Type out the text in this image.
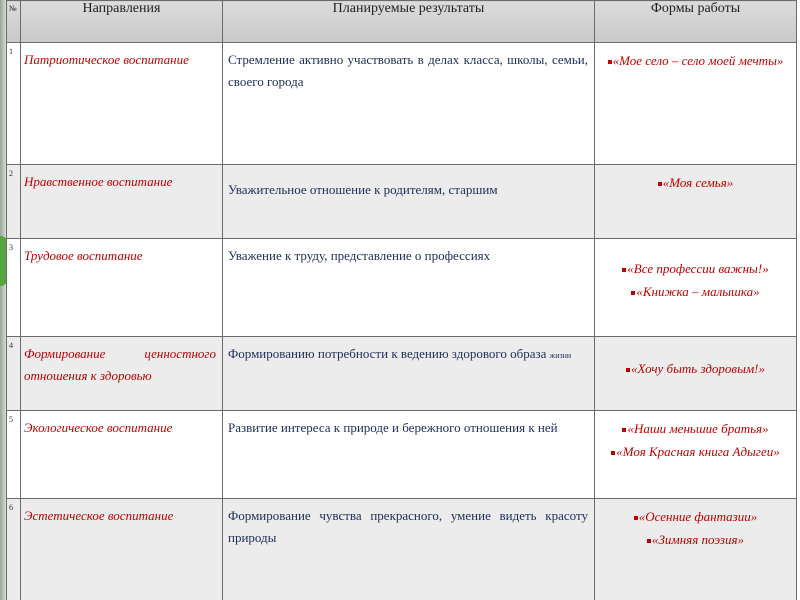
№	Направления	Планируемые результаты	Формы работы
1	Патриотическое воспитание	Стремление активно участвовать в делах класса, школы, семьи, своего города	«Мое село – село моей мечты»

2	Нравственное воспитание	Уважительное отношение к родителям, старшим	«Моя семья»

3	Трудовое воспитание	Уважение к труду, представление о профессиях	«Все профессии важны!»
«Книжка – малышка»

4	Формирование ценностного отношения к здоровью	Формированию потребности к ведению здорового образа жизни	«Хочу быть здоровым!»

5	Экологическое воспитание	Развитие интереса к природе и бережного отношения к ней	«Наши меньшие братья»
«Моя Красная книга Адыгеи»

6	Эстетическое воспитание	Формирование чувства прекрасного, умение видеть красоту природы	«Осенние фантазии»
«Зимняя поэзия»
